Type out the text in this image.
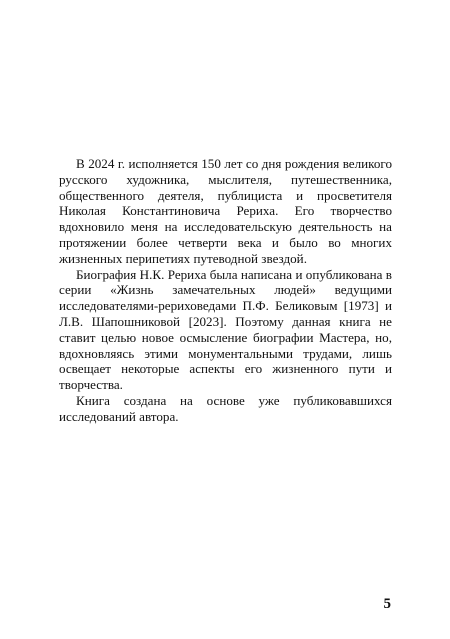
В 2024 г. исполняется 150 лет со дня рождения великого русского художника, мыслителя, путешественника, общественного деятеля, публициста и просветителя Николая Константиновича Рериха. Его творчество вдохновило меня на исследовательскую деятельность на протяжении более четверти века и было во многих жизненных перипетиях путеводной звездой.

Биография Н.К. Рериха была написана и опубликована в серии «Жизнь замечательных людей» ведущими исследователями-рериховедами П.Ф. Беликовым [1973] и Л.В. Шапошниковой [2023]. Поэтому данная книга не ставит целью новое осмысление биографии Мастера, но, вдохновляясь этими монументальными трудами, лишь освещает некоторые аспекты его жизненного пути и творчества.

Книга создана на основе уже публиковавшихся исследований автора.

5
